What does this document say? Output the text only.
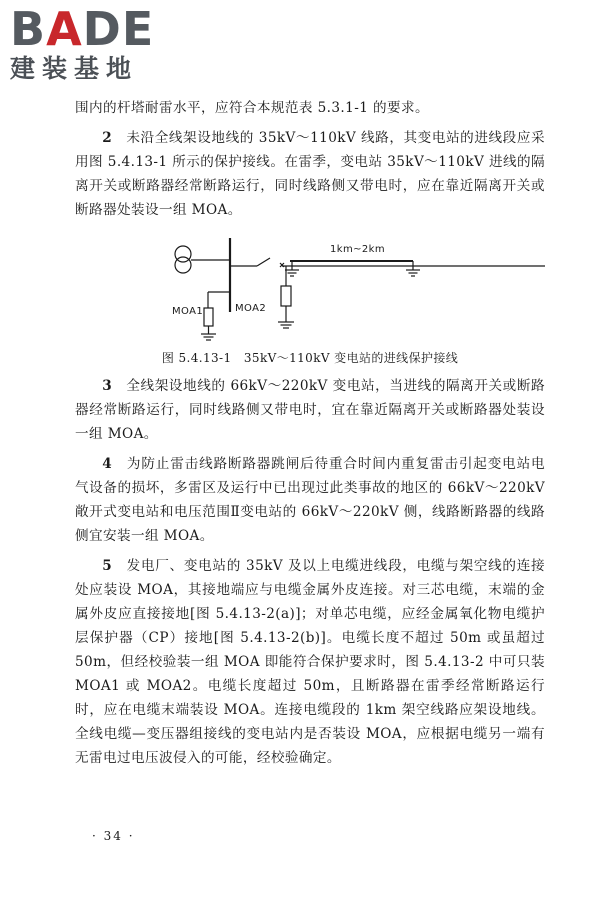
BADE
建装基地

围内的杆塔耐雷水平，应符合本规范表 5.3.1-1 的要求。

2　 未沿全线架设地线的 35kV～110kV 线路，其变电站的进线段应采用图 5.4.13-1 所示的保护接线。在雷季，变电站 35kV～110kV 进线的隔离开关或断路器经常断路运行，同时线路侧又带电时，应在靠近隔离开关或断路器处装设一组 MOA。

1km~2km
MOA1	MOA2

图 5.4.13-1　35kV～110kV 变电站的进线保护接线

3　 全线架设地线的 66kV～220kV 变电站，当进线的隔离开关或断路器经常断路运行，同时线路侧又带电时，宜在靠近隔离开关或断路器处装设一组 MOA。

4　 为防止雷击线路断路器跳闸后待重合时间内重复雷击引起变电站电气设备的损坏，多雷区及运行中已出现过此类事故的地区的 66kV～220kV 敞开式变电站和电压范围Ⅱ变电站的 66kV～220kV 侧，线路断路器的线路侧宜安装一组 MOA。

5　 发电厂、变电站的 35kV 及以上电缆进线段，电缆与架空线的连接处应装设 MOA，其接地端应与电缆金属外皮连接。对三芯电缆，末端的金属外皮应直接接地[图 5.4.13-2(a)]；对单芯电缆，应经金属氧化物电缆护层保护器（CP）接地[图 5.4.13-2(b)]。电缆长度不超过 50m 或虽超过 50m，但经校验装一组 MOA 即能符合保护要求时，图 5.4.13-2 中可只装 MOA1 或 MOA2。电缆长度超过 50m，且断路器在雷季经常断路运行时，应在电缆末端装设 MOA。连接电缆段的 1km 架空线路应架设地线。全线电缆—变压器组接线的变电站内是否装设 MOA，应根据电缆另一端有无雷电过电压波侵入的可能，经校验确定。

· 34 ·
